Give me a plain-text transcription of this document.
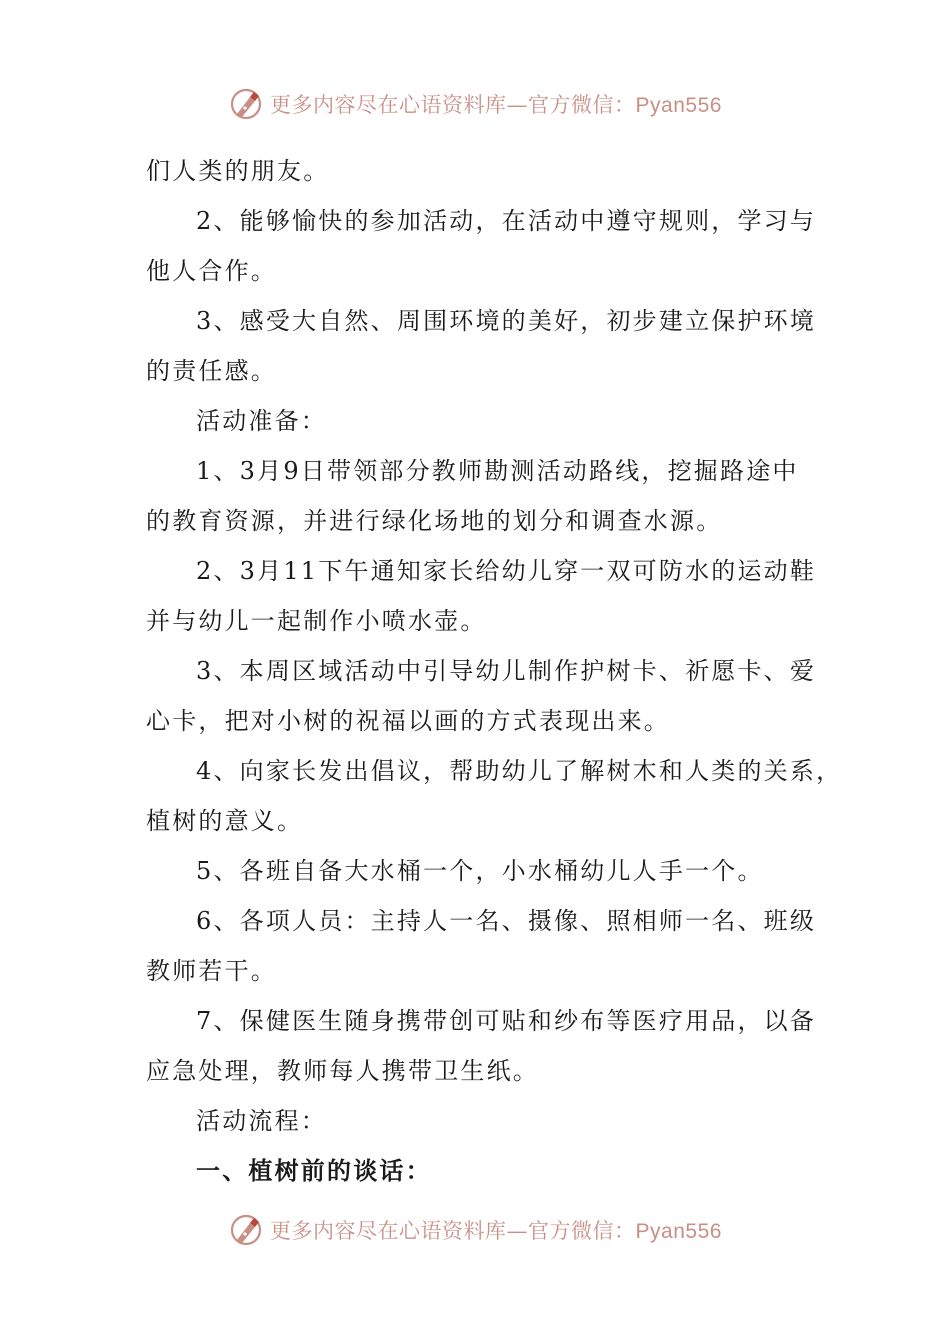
更多内容尽在心语资料库—官方微信：Pyan556
们人类的朋友。
2、能够愉快的参加活动，在活动中遵守规则，学习与
他人合作。
3、感受大自然、周围环境的美好，初步建立保护环境
的责任感。
活动准备：
1、3月9日带领部分教师勘测活动路线，挖掘路途中
的教育资源，并进行绿化场地的划分和调查水源。
2、3月11下午通知家长给幼儿穿一双可防水的运动鞋
并与幼儿一起制作小喷水壶。
3、本周区域活动中引导幼儿制作护树卡、祈愿卡、爱
心卡，把对小树的祝福以画的方式表现出来。
4、向家长发出倡议，帮助幼儿了解树木和人类的关系，
植树的意义。
5、各班自备大水桶一个，小水桶幼儿人手一个。
6、各项人员：主持人一名、摄像、照相师一名、班级
教师若干。
7、保健医生随身携带创可贴和纱布等医疗用品，以备
应急处理，教师每人携带卫生纸。
活动流程：
一、植树前的谈话：
更多内容尽在心语资料库—官方微信：Pyan556
